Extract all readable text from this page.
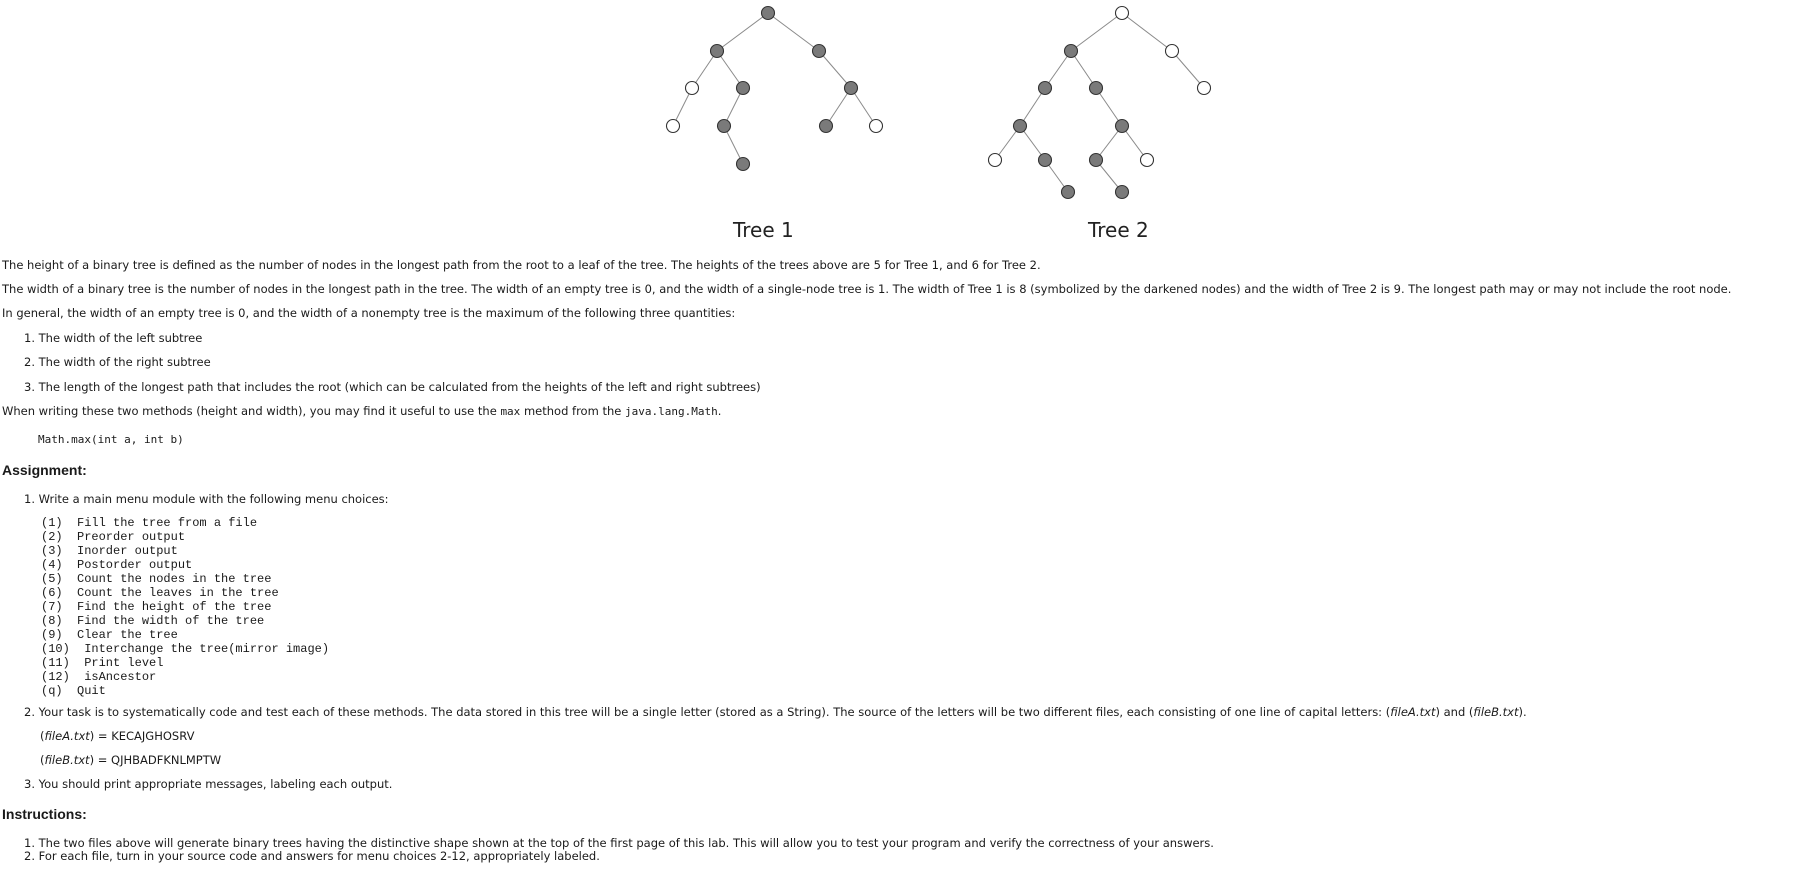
Tree 1	Tree 2
The height of a binary tree is defined as the number of nodes in the longest path from the root to a leaf of the tree. The heights of the trees above are 5 for Tree 1, and 6 for Tree 2.
The width of a binary tree is the number of nodes in the longest path in the tree. The width of an empty tree is 0, and the width of a single-node tree is 1. The width of Tree 1 is 8 (symbolized by the darkened nodes) and the width of Tree 2 is 9. The longest path may or may not include the root node.
In general, the width of an empty tree is 0, and the width of a nonempty tree is the maximum of the following three quantities:
1. The width of the left subtree
2. The width of the right subtree
3. The length of the longest path that includes the root (which can be calculated from the heights of the left and right subtrees)
When writing these two methods (height and width), you may find it useful to use the max method from the java.lang.Math.
Math.max(int a, int b)
Assignment:
1. Write a main menu module with the following menu choices:
(1)  Fill the tree from a file
(2)  Preorder output
(3)  Inorder output
(4)  Postorder output
(5)  Count the nodes in the tree
(6)  Count the leaves in the tree
(7)  Find the height of the tree
(8)  Find the width of the tree
(9)  Clear the tree
(10)  Interchange the tree(mirror image)
(11)  Print level
(12)  isAncestor
(q)  Quit
2. Your task is to systematically code and test each of these methods. The data stored in this tree will be a single letter (stored as a String). The source of the letters will be two different files, each consisting of one line of capital letters: (fileA.txt) and (fileB.txt).
(fileA.txt) = KECAJGHOSRV
(fileB.txt) = QJHBADFKNLMPTW
3. You should print appropriate messages, labeling each output.
Instructions:
1. The two files above will generate binary trees having the distinctive shape shown at the top of the first page of this lab. This will allow you to test your program and verify the correctness of your answers.
2. For each file, turn in your source code and answers for menu choices 2-12, appropriately labeled.
